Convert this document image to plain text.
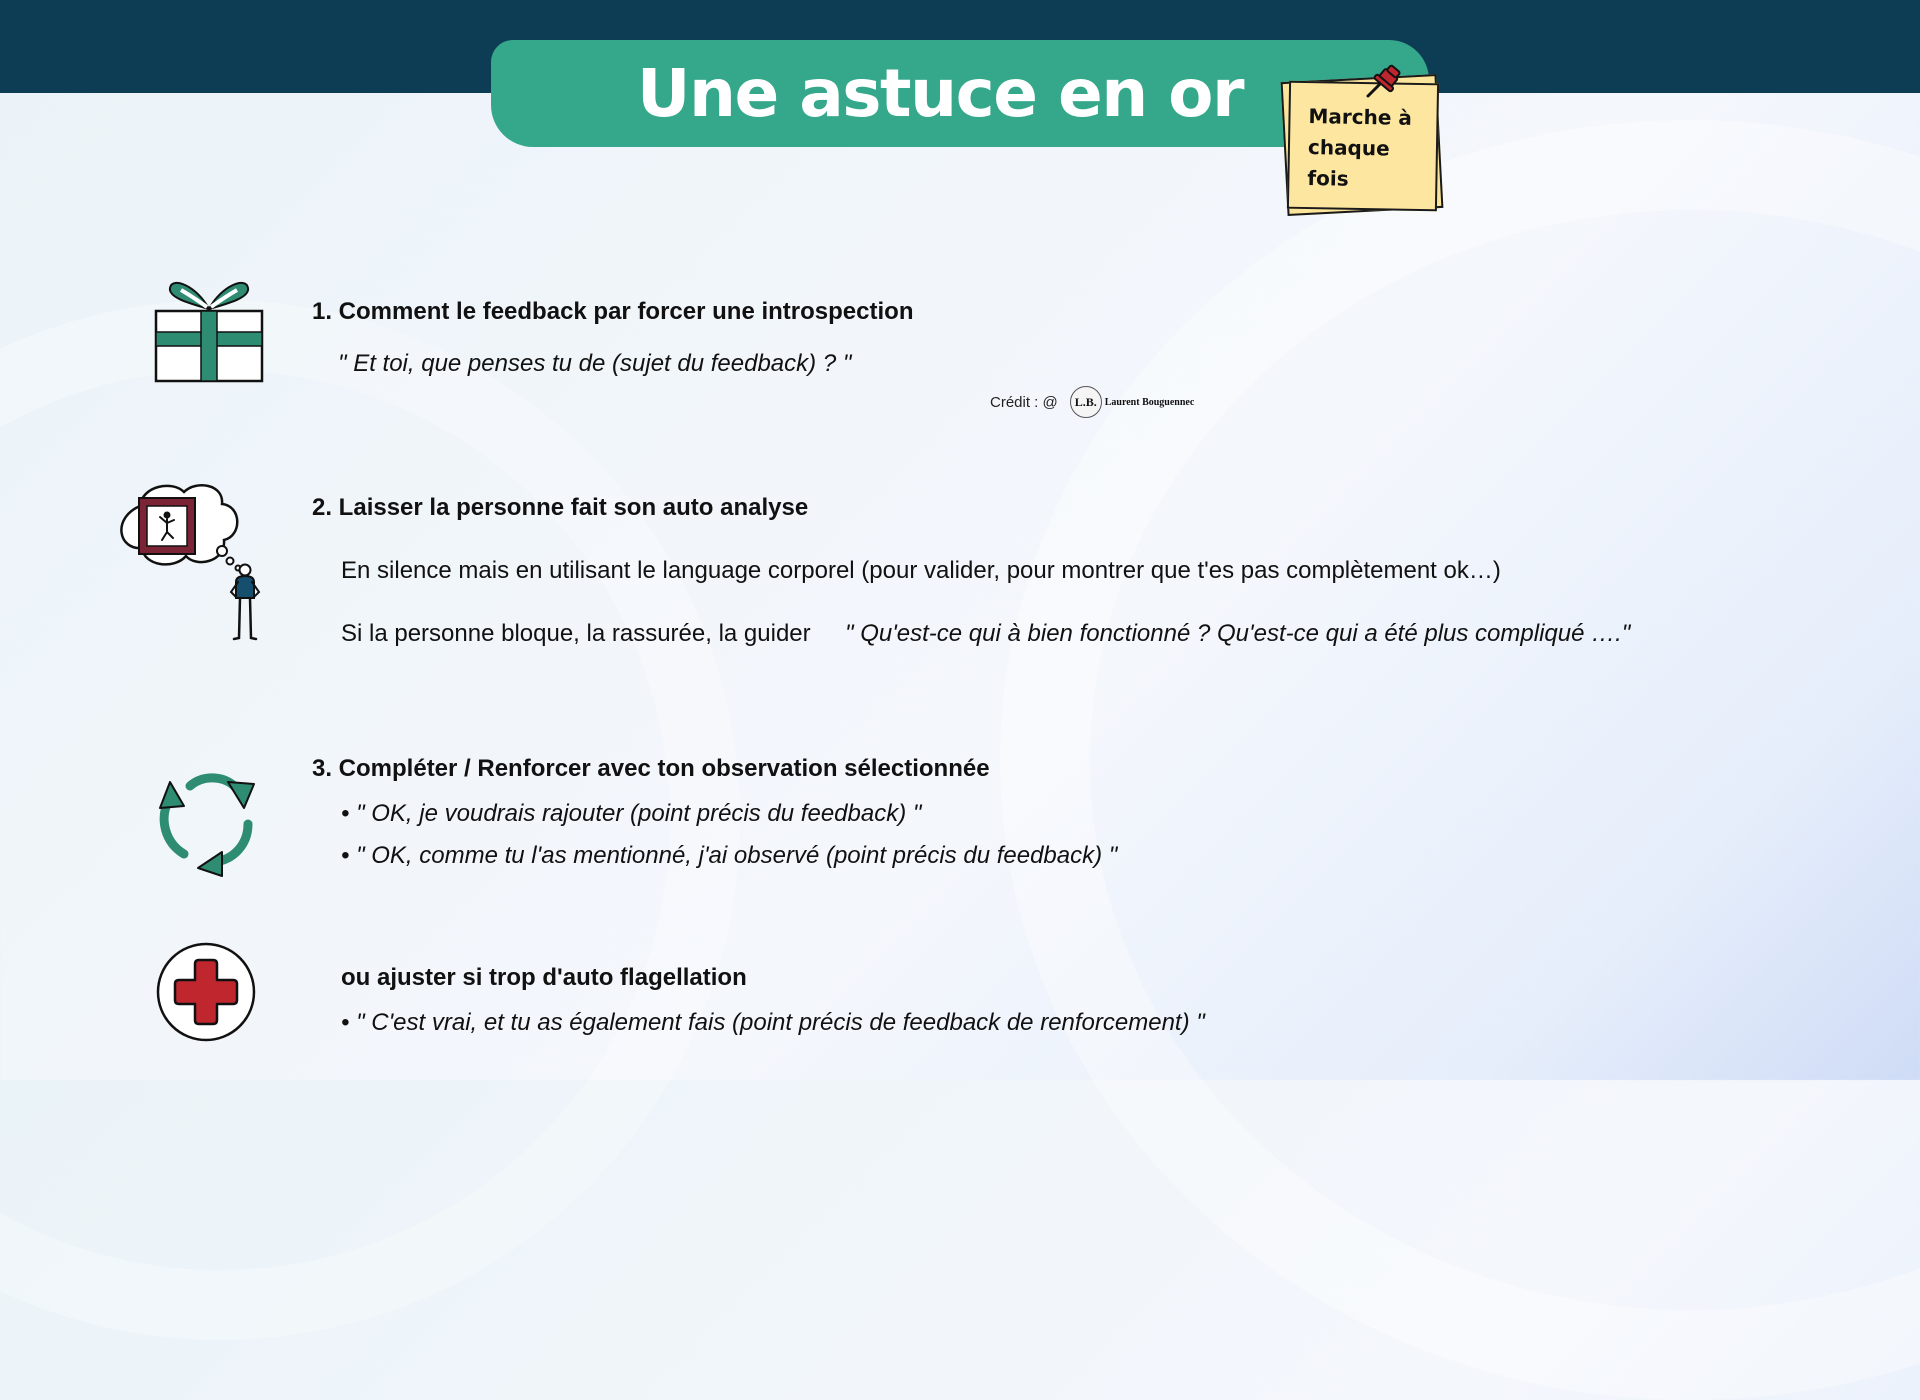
Une astuce en or	Marche à
chaque
fois
1. Comment le feedback par forcer une introspection
" Et toi, que penses tu de (sujet du feedback) ? "
Crédit : @	L.B. Laurent Bouguennec
2. Laisser la personne fait son auto analyse
En silence mais en utilisant le language corporel (pour valider, pour montrer que t'es pas complètement ok…)
Si la personne bloque, la rassurée, la guider " Qu'est-ce qui à bien fonctionné ? Qu'est-ce qui a été plus compliqué …."
3. Compléter / Renforcer avec ton observation sélectionnée
• " OK, je voudrais rajouter (point précis du feedback) "
• " OK, comme tu l'as mentionné, j'ai observé (point précis du feedback) "
ou ajuster si trop d'auto flagellation
• " C'est vrai, et tu as également fais (point précis de feedback de renforcement) "
